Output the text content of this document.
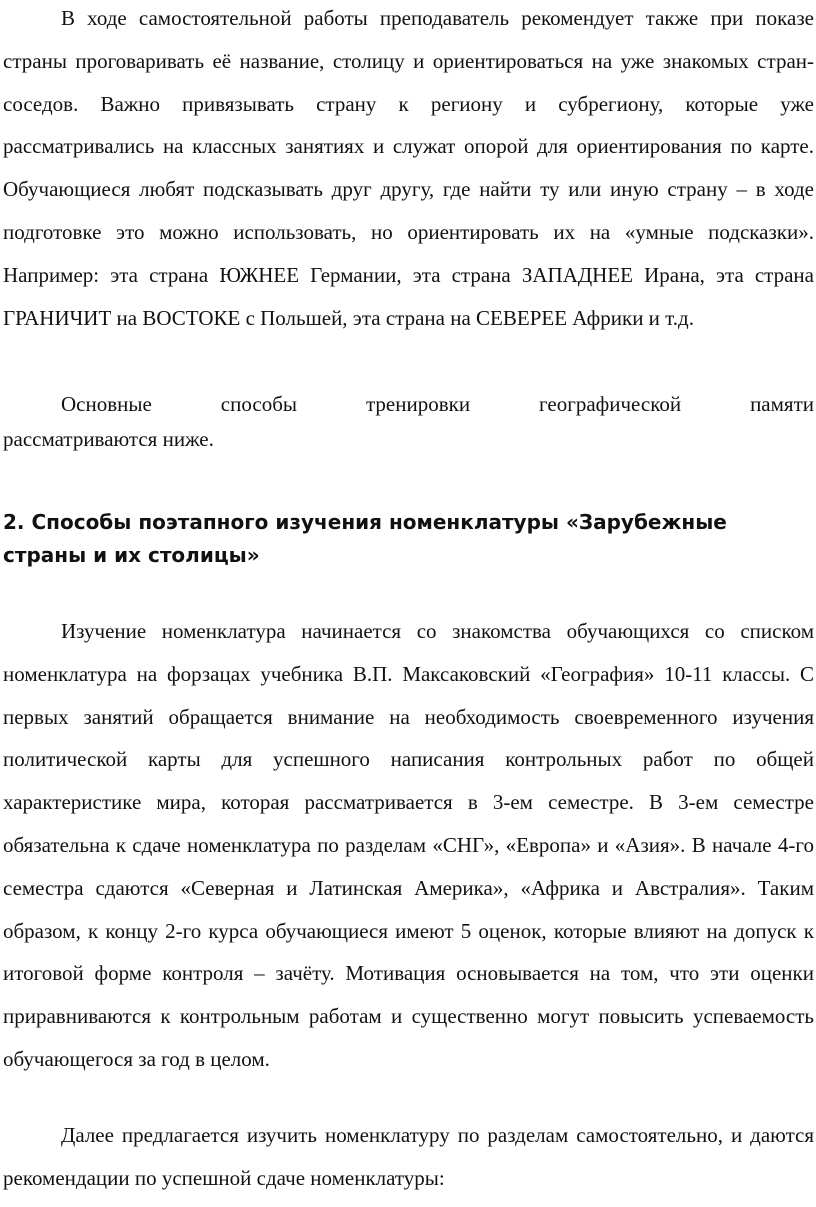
В ходе самостоятельной работы преподаватель рекомендует также при показе страны проговаривать её название, столицу и ориентироваться на уже знакомых стран-соседов. Важно привязывать страну к региону и субрегиону, которые уже рассматривались на классных занятиях и служат опорой для ориентирования по карте. Обучающиеся любят подсказывать друг другу, где найти ту или иную страну – в ходе подготовке это можно использовать, но ориентировать их на «умные подсказки». Например: эта страна ЮЖНЕЕ Германии, эта страна ЗАПАДНЕЕ Ирана, эта страна ГРАНИЧИТ на ВОСТОКЕ с Польшей, эта страна на СЕВЕРЕЕ Африки и т.д.

Основные способы тренировки географической памяти

рассматриваются ниже.

2. Способы поэтапного изучения номенклатуры «Зарубежные страны и их столицы»

Изучение номенклатура начинается со знакомства обучающихся со списком номенклатура на форзацах учебника В.П. Максаковский «География» 10-11 классы. С первых занятий обращается внимание на необходимость своевременного изучения политической карты для успешного написания контрольных работ по общей характеристике мира, которая рассматривается в 3-ем семестре. В 3-ем семестре обязательна к сдаче номенклатура по разделам «СНГ», «Европа» и «Азия». В начале 4-го семестра сдаются «Северная и Латинская Америка», «Африка и Австралия». Таким образом, к концу 2-го курса обучающиеся имеют 5 оценок, которые влияют на допуск к итоговой форме контроля – зачёту. Мотивация основывается на том, что эти оценки приравниваются к контрольным работам и существенно могут повысить успеваемость обучающегося за год в целом.

Далее предлагается изучить номенклатуру по разделам самостоятельно, и даются рекомендации по успешной сдаче номенклатуры:
